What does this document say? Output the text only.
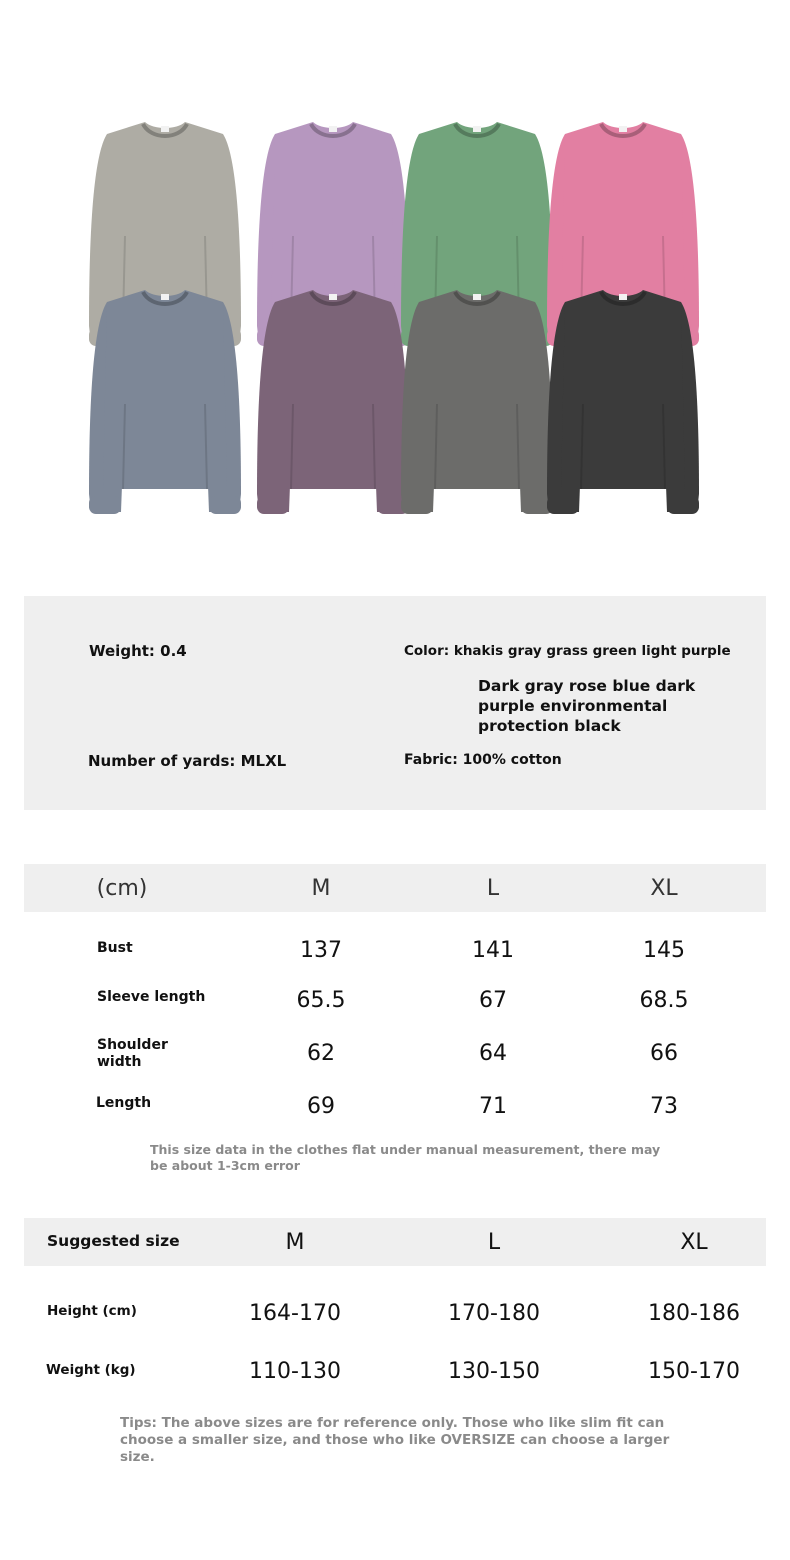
Weight: 0.4	Color: khakis gray grass green light purple
Dark gray rose blue dark purple environmental protection black
Number of yards: MLXL	Fabric: 100% cotton
(cm)	M	L	XL
Bust	137	141	145
Sleeve length	65.5	67	68.5
Shoulder width	62	64	66
Length	69	71	73
This size data in the clothes flat under manual measurement, there may be about 1-3cm error
Suggested size	M	L	XL
Height (cm)	164-170	170-180	180-186
Weight (kg)	110-130	130-150	150-170
Tips: The above sizes are for reference only. Those who like slim fit can choose a smaller size, and those who like OVERSIZE can choose a larger size.
